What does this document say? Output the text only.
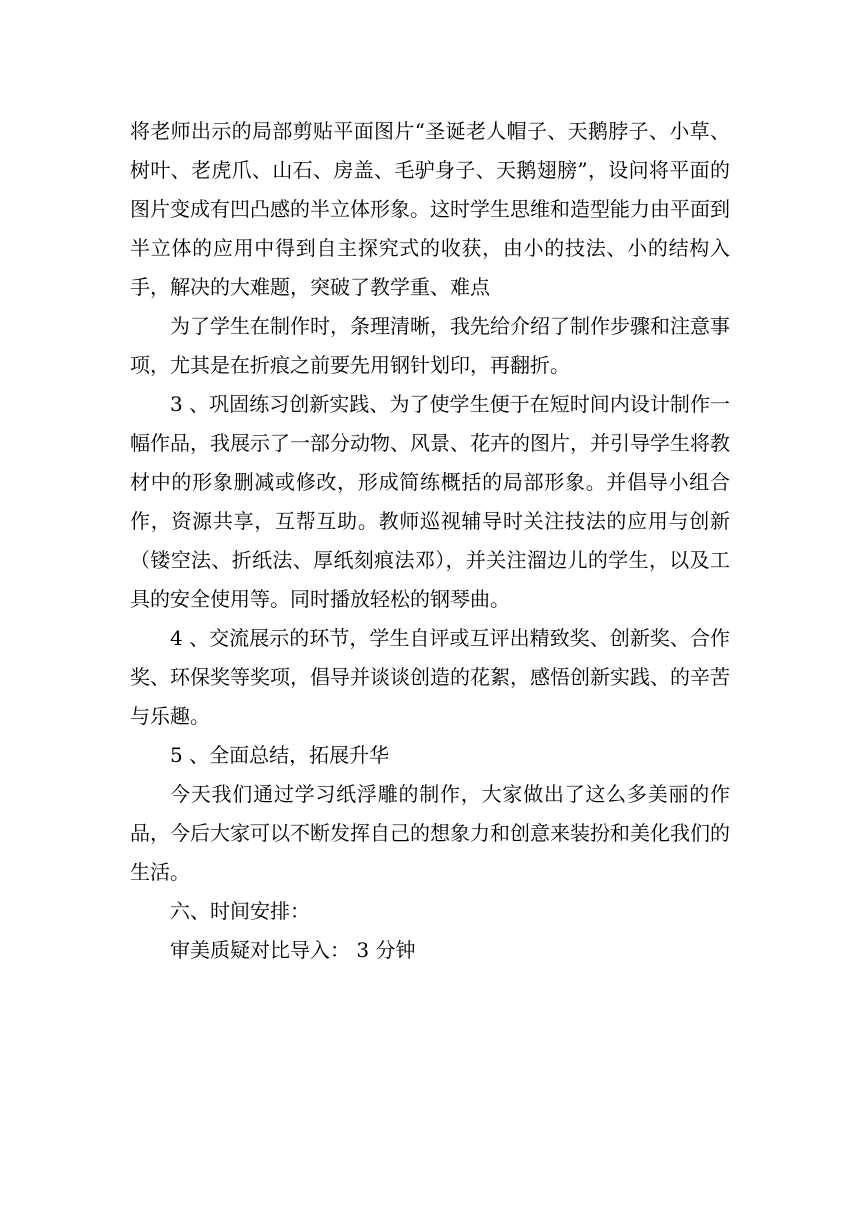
将老师出示的局部剪贴平面图片“圣诞老人帽子、天鹅脖子、小草、树叶、老虎爪、山石、房盖、毛驴身子、天鹅翅膀”，设问将平面的图片变成有凹凸感的半立体形象。这时学生思维和造型能力由平面到半立体的应用中得到自主探究式的收获，由小的技法、小的结构入手，解决的大难题，突破了教学重、难点

为了学生在制作时，条理清晰，我先给介绍了制作步骤和注意事项，尤其是在折痕之前要先用钢针划印，再翻折。

3 、巩固练习创新实践、为了使学生便于在短时间内设计制作一幅作品，我展示了一部分动物、风景、花卉的图片，并引导学生将教材中的形象删减或修改，形成简练概括的局部形象。并倡导小组合作，资源共享，互帮互助。教师巡视辅导时关注技法的应用与创新（镂空法、折纸法、厚纸刻痕法邓），并关注溜边儿的学生，以及工具的安全使用等。同时播放轻松的钢琴曲。

4 、交流展示的环节，学生自评或互评出精致奖、创新奖、合作奖、环保奖等奖项，倡导并谈谈创造的花絮，感悟创新实践、的辛苦与乐趣。

5 、全面总结，拓展升华

今天我们通过学习纸浮雕的制作，大家做出了这么多美丽的作品，今后大家可以不断发挥自己的想象力和创意来装扮和美化我们的生活。

六、时间安排：

审美质疑对比导入： 3 分钟
